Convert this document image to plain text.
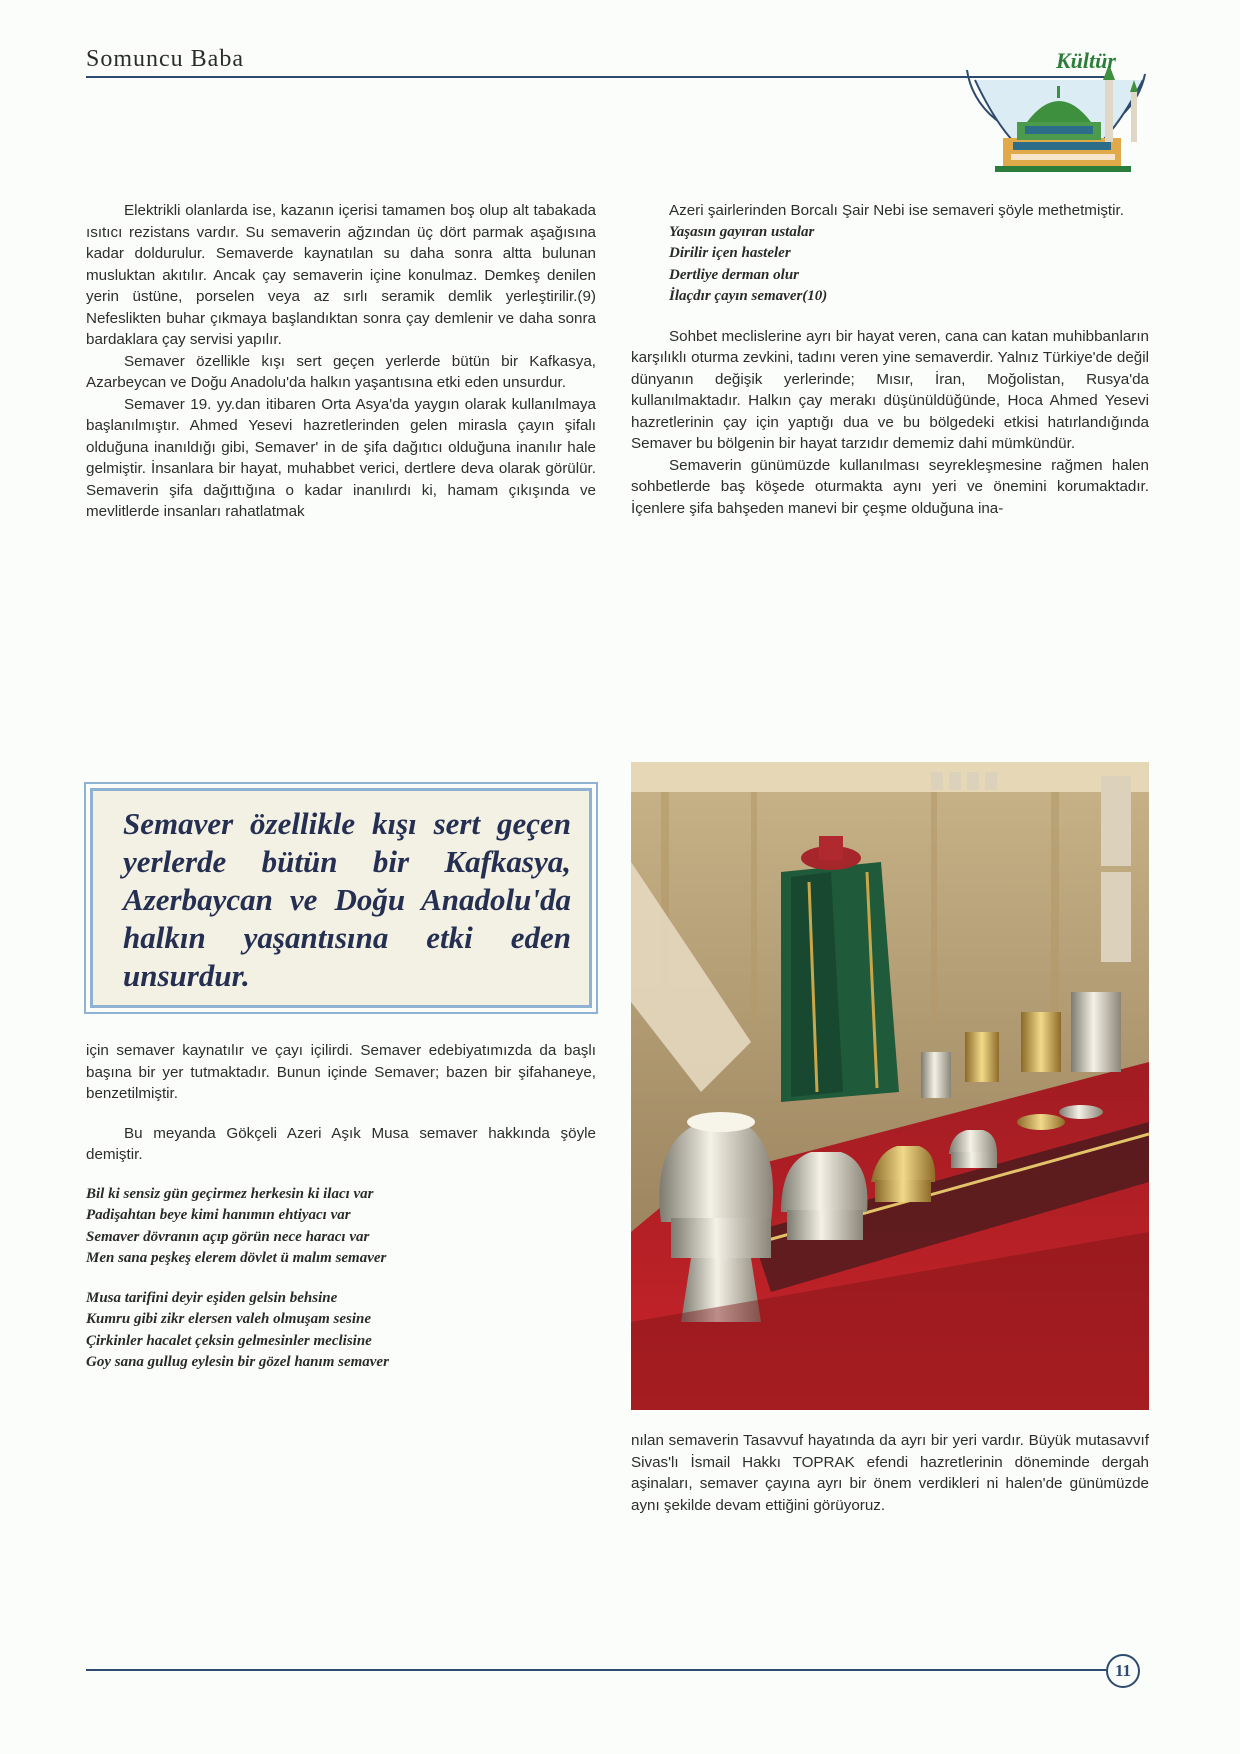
Somuncu Baba	Kültür

Elektrikli olanlarda ise, kazanın içerisi tamamen boş olup alt tabakada ısıtıcı rezistans vardır. Su semaverin ağzından üç dört parmak aşağısına kadar doldurulur. Semaverde kaynatılan su daha sonra altta bulunan musluktan akıtılır. Ancak çay semaverin içine konulmaz. Demkeş denilen yerin üstüne, porselen veya az sırlı seramik demlik yerleştirilir.(9) Nefeslikten buhar çıkmaya başlandıktan sonra çay demlenir ve daha sonra bardaklara çay servisi yapılır.

Semaver özellikle kışı sert geçen yerlerde bütün bir Kafkasya, Azarbeycan ve Doğu Anadolu'da halkın yaşantısına etki eden unsurdur.

Semaver 19. yy.dan itibaren Orta Asya'da yaygın olarak kullanılmaya başlanılmıştır. Ahmed Yesevi hazretlerinden gelen mirasla çayın şifalı olduğuna inanıldığı gibi, Semaver' in de şifa dağıtıcı olduğuna inanılır hale gelmiştir. İnsanlara bir hayat, muhabbet verici, dertlere deva olarak görülür. Semaverin şifa dağıttığına o kadar inanılırdı ki, hamam çıkışında ve mevlitlerde insanları rahatlatmak

Semaver özellikle kışı sert geçen yerlerde bütün bir Kafkasya, Azerbaycan ve Doğu Anadolu'da halkın yaşantısına etki eden unsurdur.

için semaver kaynatılır ve çayı içilirdi. Semaver edebiyatımızda da başlı başına bir yer tutmaktadır. Bunun içinde Semaver; bazen bir şifahaneye, benzetilmiştir.

Bu meyanda Gökçeli Azeri Aşık Musa semaver hakkında şöyle demiştir.

Bil ki sensiz gün geçirmez herkesin ki ilacı var
Padişahtan beye kimi hanımın ehtiyacı var
Semaver dövranın açıp görün nece haracı var
Men sana peşkeş elerem dövlet ü malım semaver
Musa tarifini deyir eşiden gelsin behsine
Kumru gibi zikr elersen valeh olmuşam sesine
Çirkinler hacalet çeksin gelmesinler meclisine
Goy sana gullug eylesin bir gözel hanım semaver

Azeri şairlerinden Borcalı Şair Nebi ise semaveri şöyle methetmiştir.

Yaşasın gayıran ustalar
Dirilir içen hasteler
Dertliye derman olur
İlaçdır çayın semaver(10)

Sohbet meclislerine ayrı bir hayat veren, cana can katan muhibbanların karşılıklı oturma zevkini, tadını veren yine semaverdir. Yalnız Türkiye'de değil dünyanın değişik yerlerinde; Mısır, İran, Moğolistan, Rusya'da kullanılmaktadır. Halkın çay merakı düşünüldüğünde, Hoca Ahmed Yesevi hazretlerinin çay için yaptığı dua ve bu bölgedeki etkisi hatırlandığında Semaver bu bölgenin bir hayat tarzıdır dememiz dahi mümkündür.

Semaverin günümüzde kullanılması seyrekleşmesine rağmen halen sohbetlerde baş köşede oturmakta aynı yeri ve önemini korumaktadır. İçenlere şifa bahşeden manevi bir çeşme olduğuna ina-

nılan semaverin Tasavvuf hayatında da ayrı bir yeri vardır. Büyük mutasavvıf Sivas'lı İsmail Hakkı TOPRAK efendi hazretlerinin döneminde dergah aşinaları, semaver çayına ayrı bir önem verdikleri ni halen'de günümüzde aynı şekilde devam ettiğini görüyoruz.

11
